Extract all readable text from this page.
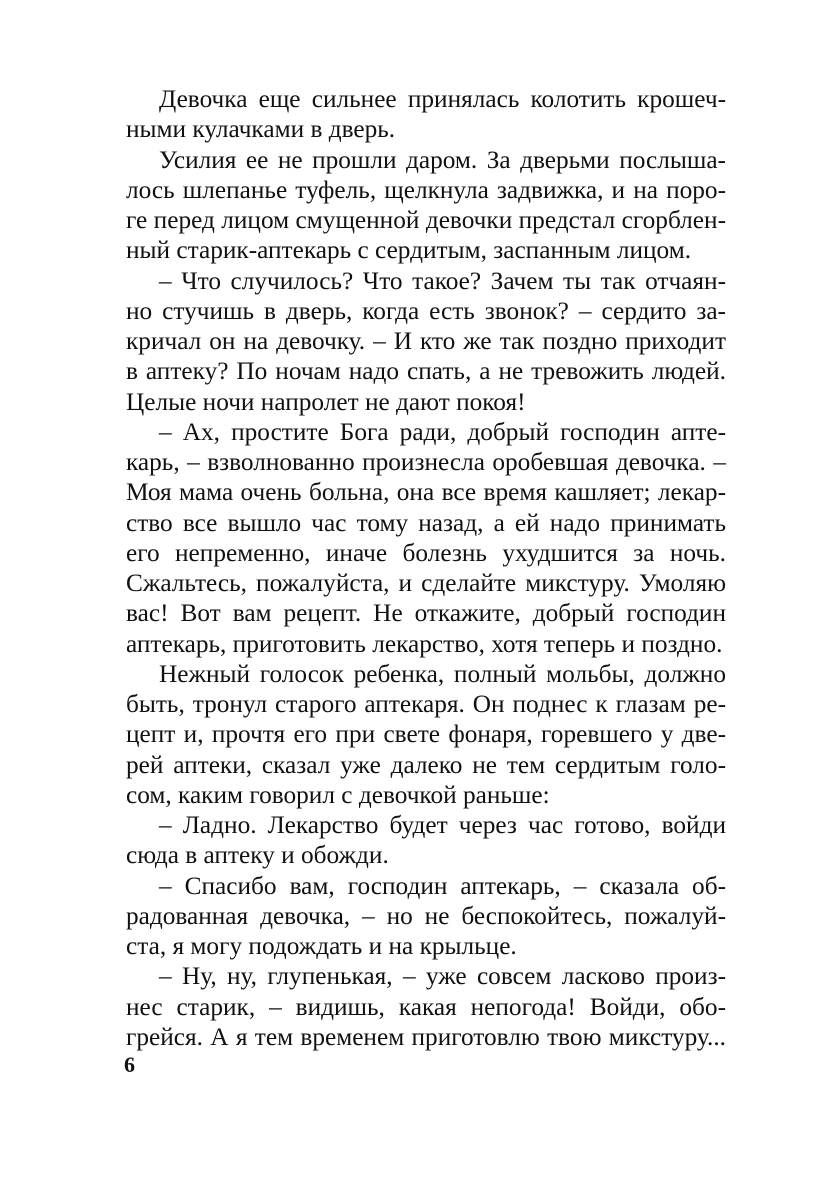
Девочка еще сильнее принялась колотить крошеч-
ными кулачками в дверь.
Усилия ее не прошли даром. За дверьми послыша-
лось шлепанье туфель, щелкнула задвижка, и на поро-
ге перед лицом смущенной девочки предстал сгорблен-
ный старик-аптекарь с сердитым, заспанным лицом.
– Что случилось? Что такое? Зачем ты так отчаян-
но стучишь в дверь, когда есть звонок? – сердито за-
кричал он на девочку. – И кто же так поздно приходит
в аптеку? По ночам надо спать, а не тревожить людей.
Целые ночи напролет не дают покоя!
– Ах, простите Бога ради, добрый господин апте-
карь, – взволнованно произнесла оробевшая девочка. –
Моя мама очень больна, она все время кашляет; лекар-
ство все вышло час тому назад, а ей надо принимать
его непременно, иначе болезнь ухудшится за ночь.
Сжальтесь, пожалуйста, и сделайте микстуру. Умоляю
вас! Вот вам рецепт. Не откажите, добрый господин
аптекарь, приготовить лекарство, хотя теперь и поздно.
Нежный голосок ребенка, полный мольбы, должно
быть, тронул старого аптекаря. Он поднес к глазам ре-
цепт и, прочтя его при свете фонаря, горевшего у две-
рей аптеки, сказал уже далеко не тем сердитым голо-
сом, каким говорил с девочкой раньше:
– Ладно. Лекарство будет через час готово, войди
сюда в аптеку и обожди.
– Спасибо вам, господин аптекарь, – сказала об-
радованная девочка, – но не беспокойтесь, пожалуй-
ста, я могу подождать и на крыльце.
– Ну, ну, глупенькая, – уже совсем ласково произ-
нес старик, – видишь, какая непогода! Войди, обо-
грейся. А я тем временем приготовлю твою микстуру...
6
